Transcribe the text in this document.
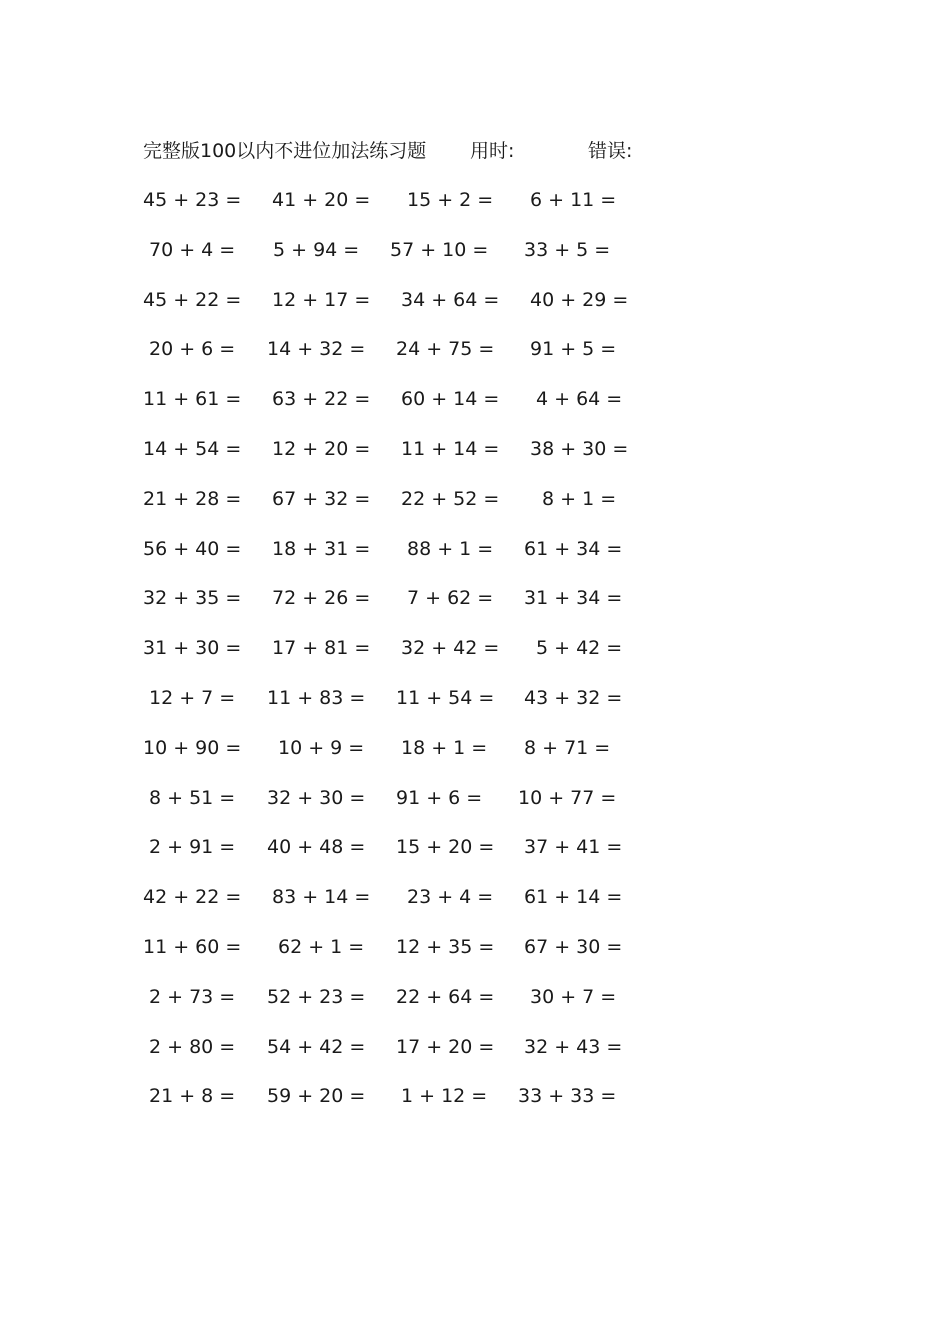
完整版100以内不进位加法练习题 用时:	错误:
45 + 23 =	41 + 20 =	15 + 2 =	6 + 11 =
70 + 4 =	5 + 94 =	57 + 10 =	33 + 5 =
45 + 22 =	12 + 17 =	34 + 64 =	40 + 29 =
20 + 6 =	14 + 32 =	24 + 75 =	91 + 5 =
11 + 61 =	63 + 22 =	60 + 14 =	4 + 64 =
14 + 54 =	12 + 20 =	11 + 14 =	38 + 30 =
21 + 28 =	67 + 32 =	22 + 52 =	8 + 1 =
56 + 40 =	18 + 31 =	88 + 1 =	61 + 34 =
32 + 35 =	72 + 26 =	7 + 62 =	31 + 34 =
31 + 30 =	17 + 81 =	32 + 42 =	5 + 42 =
12 + 7 =	11 + 83 =	11 + 54 =	43 + 32 =
10 + 90 =	10 + 9 =	18 + 1 =	8 + 71 =
8 + 51 =	32 + 30 =	91 + 6 =	10 + 77 =
2 + 91 =	40 + 48 =	15 + 20 =	37 + 41 =
42 + 22 =	83 + 14 =	23 + 4 =	61 + 14 =
11 + 60 =	62 + 1 =	12 + 35 =	67 + 30 =
2 + 73 =	52 + 23 =	22 + 64 =	30 + 7 =
2 + 80 =	54 + 42 =	17 + 20 =	32 + 43 =
21 + 8 =	59 + 20 =	1 + 12 =	33 + 33 =
